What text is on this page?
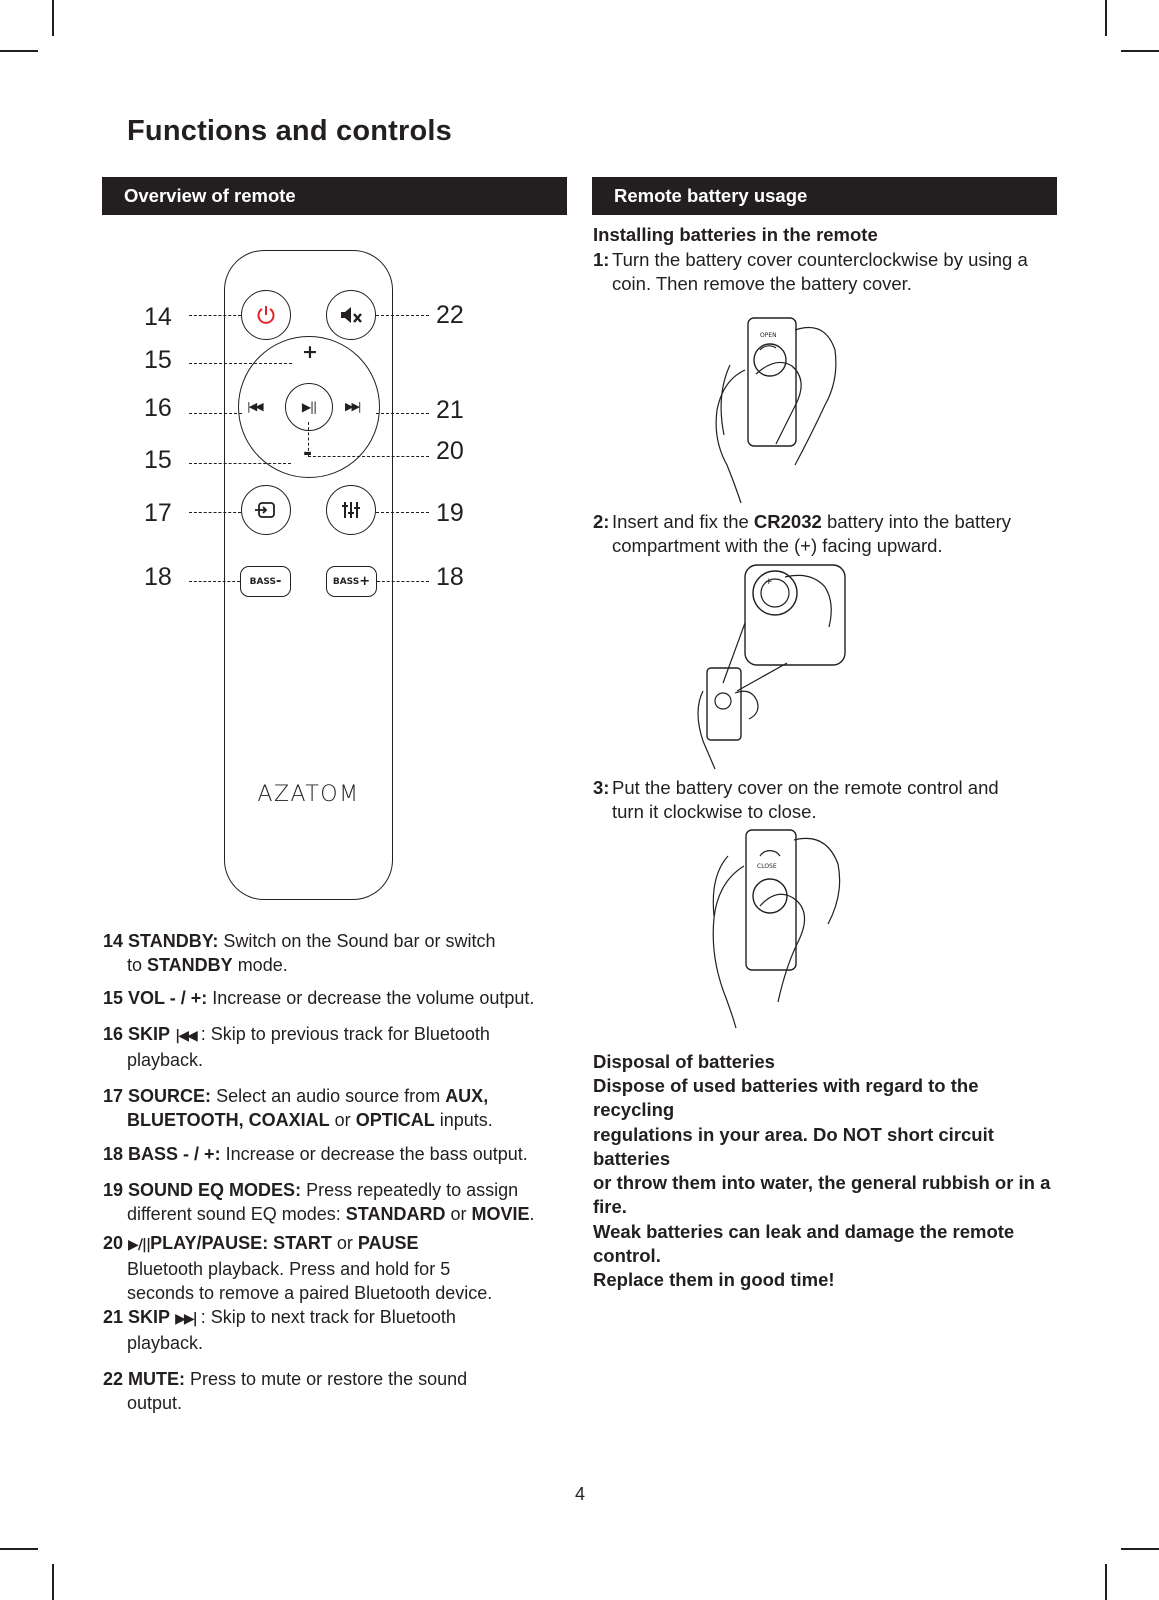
Functions and controls
Overview of remote	Remote battery usage
+
|◀◀	▶||	▶▶|
-
BASS -	BASS +
AZATOM
14
15
16
15
17
18
22
21
20
19
18
14 STANDBY: Switch on the Sound bar or switch
to STANDBY mode.
15 VOL - / +: Increase or decrease the volume output.
16 SKIP |◀◀ : Skip to previous track for Bluetooth
playback.
17 SOURCE: Select an audio source from AUX,
BLUETOOTH, COAXIAL or OPTICAL inputs.
18 BASS - / +: Increase or decrease the bass output.
19 SOUND EQ MODES: Press repeatedly to assign
different sound EQ modes: STANDARD or MOVIE.
20 ▶/||PLAY/PAUSE: START or PAUSE
Bluetooth playback. Press and hold for 5
seconds to remove a paired Bluetooth device.
21 SKIP ▶▶| : Skip to next track for Bluetooth
playback.
22 MUTE: Press to mute or restore the sound
output.
Installing batteries in the remote
1: Turn the battery cover counterclockwise by using a
coin. Then remove the battery cover.
OPEN
2: Insert and fix the CR2032 battery into the battery
compartment with the (+) facing upward.
+
3: Put the battery cover on the remote control and
turn it clockwise to close.
CLOSE
Disposal of batteries
Dispose of used batteries with regard to the recycling
regulations in your area. Do NOT short circuit batteries
or throw them into water, the general rubbish or in a fire.
Weak batteries can leak and damage the remote control.
Replace them in good time!
4
